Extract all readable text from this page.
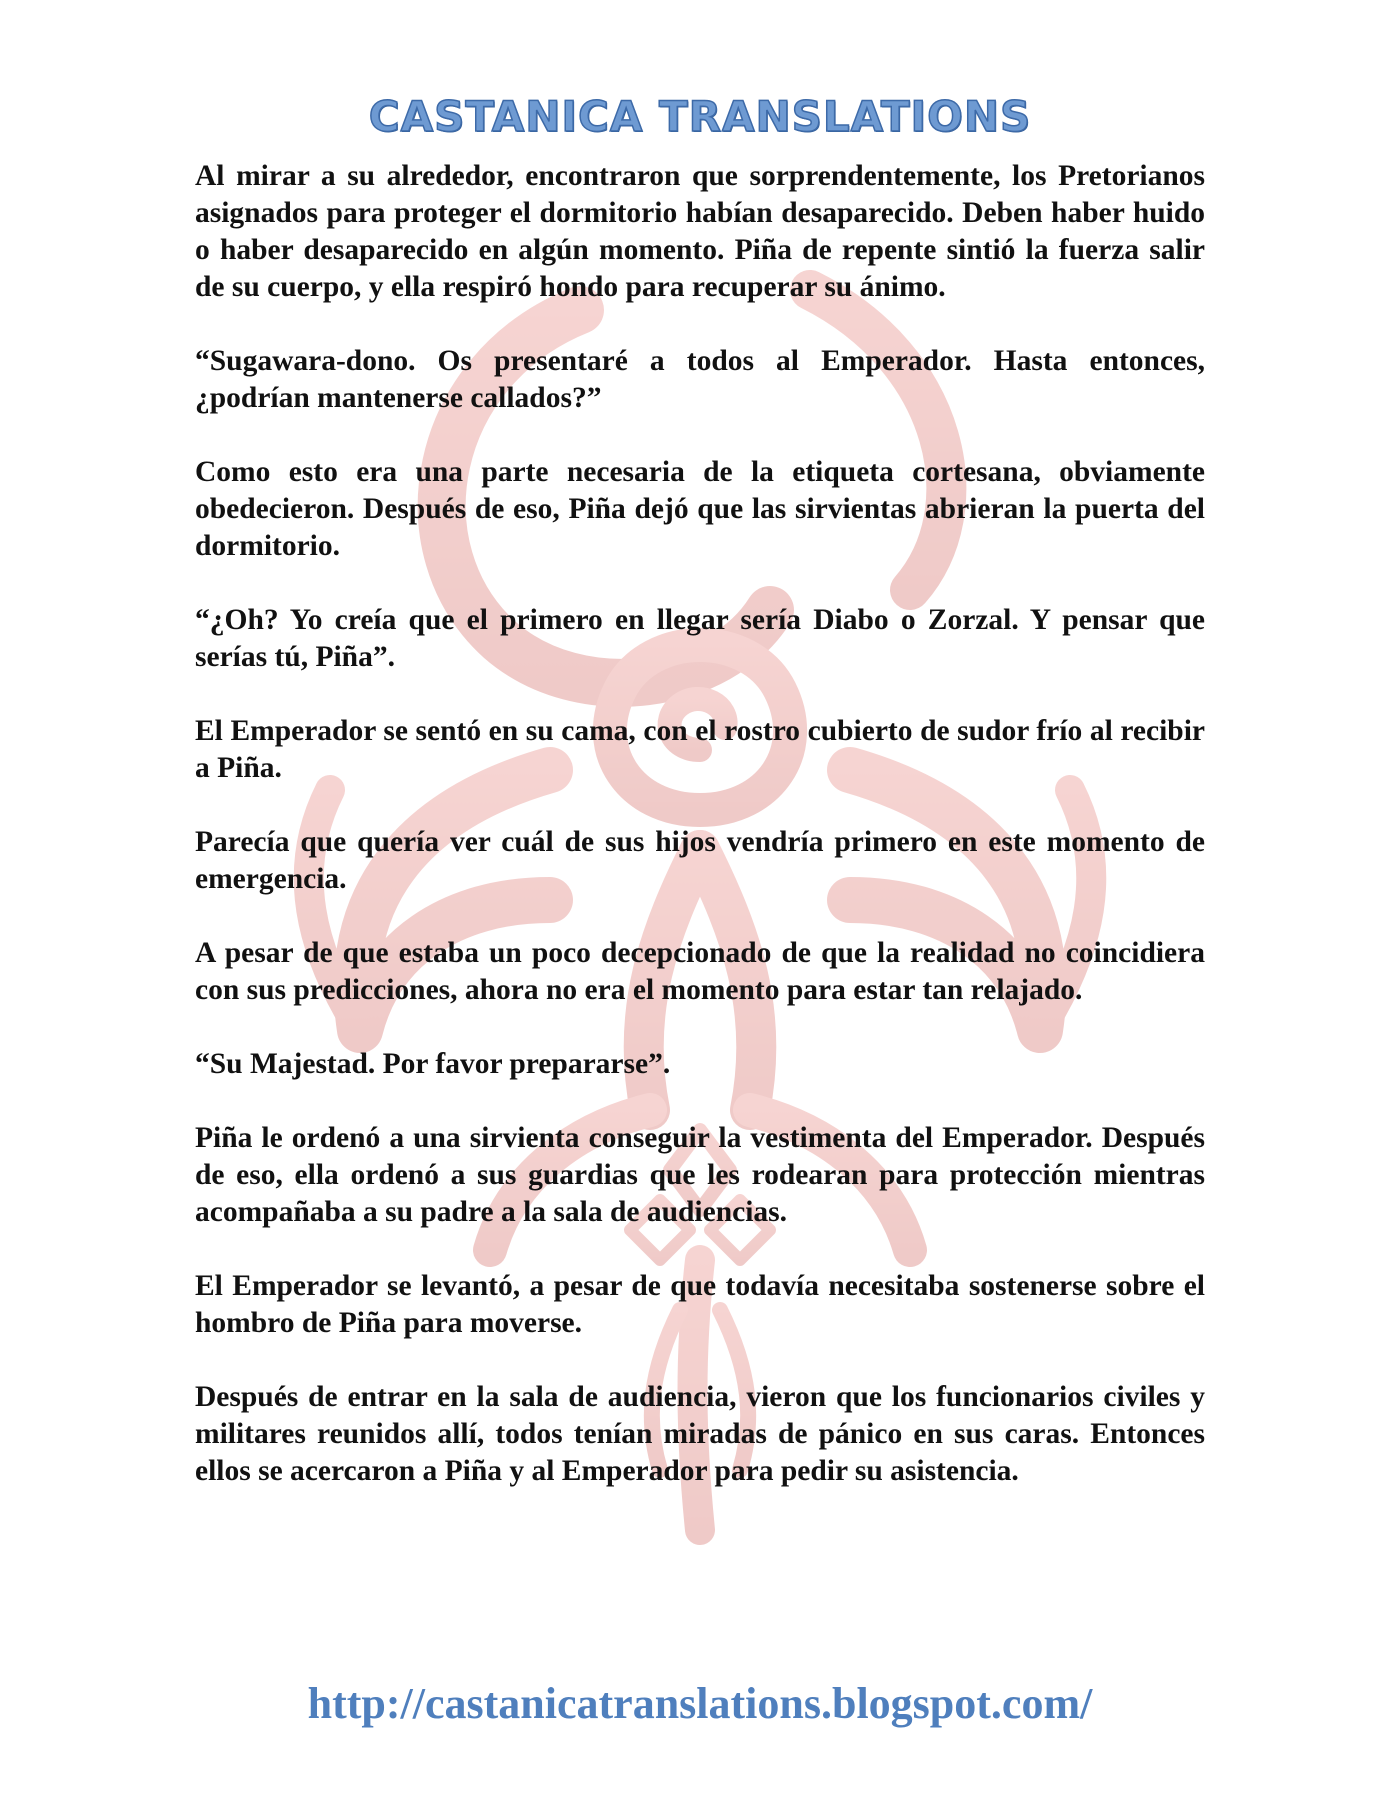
CASTANICA TRANSLATIONS

Al mirar a su alrededor, encontraron que sorprendentemente, los Pretorianos asignados para proteger el dormitorio habían desaparecido. Deben haber huido o haber desaparecido en algún momento. Piña de repente sintió la fuerza salir de su cuerpo, y ella respiró hondo para recuperar su ánimo.

“Sugawara-dono. Os presentaré a todos al Emperador. Hasta entonces, ¿podrían mantenerse callados?”

Como esto era una parte necesaria de la etiqueta cortesana, obviamente obedecieron. Después de eso, Piña dejó que las sirvientas abrieran la puerta del dormitorio.

“¿Oh? Yo creía que el primero en llegar sería Diabo o Zorzal. Y pensar que serías tú, Piña”.

El Emperador se sentó en su cama, con el rostro cubierto de sudor frío al recibir a Piña.

Parecía que quería ver cuál de sus hijos vendría primero en este momento de emergencia.

A pesar de que estaba un poco decepcionado de que la realidad no coincidiera con sus predicciones, ahora no era el momento para estar tan relajado.

“Su Majestad. Por favor prepararse”.

Piña le ordenó a una sirvienta conseguir la vestimenta del Emperador. Después de eso, ella ordenó a sus guardias que les rodearan para protección mientras acompañaba a su padre a la sala de audiencias.

El Emperador se levantó, a pesar de que todavía necesitaba sostenerse sobre el hombro de Piña para moverse.

Después de entrar en la sala de audiencia, vieron que los funcionarios civiles y militares reunidos allí, todos tenían miradas de pánico en sus caras. Entonces ellos se acercaron a Piña y al Emperador para pedir su asistencia.

http://castanicatranslations.blogspot.com/
